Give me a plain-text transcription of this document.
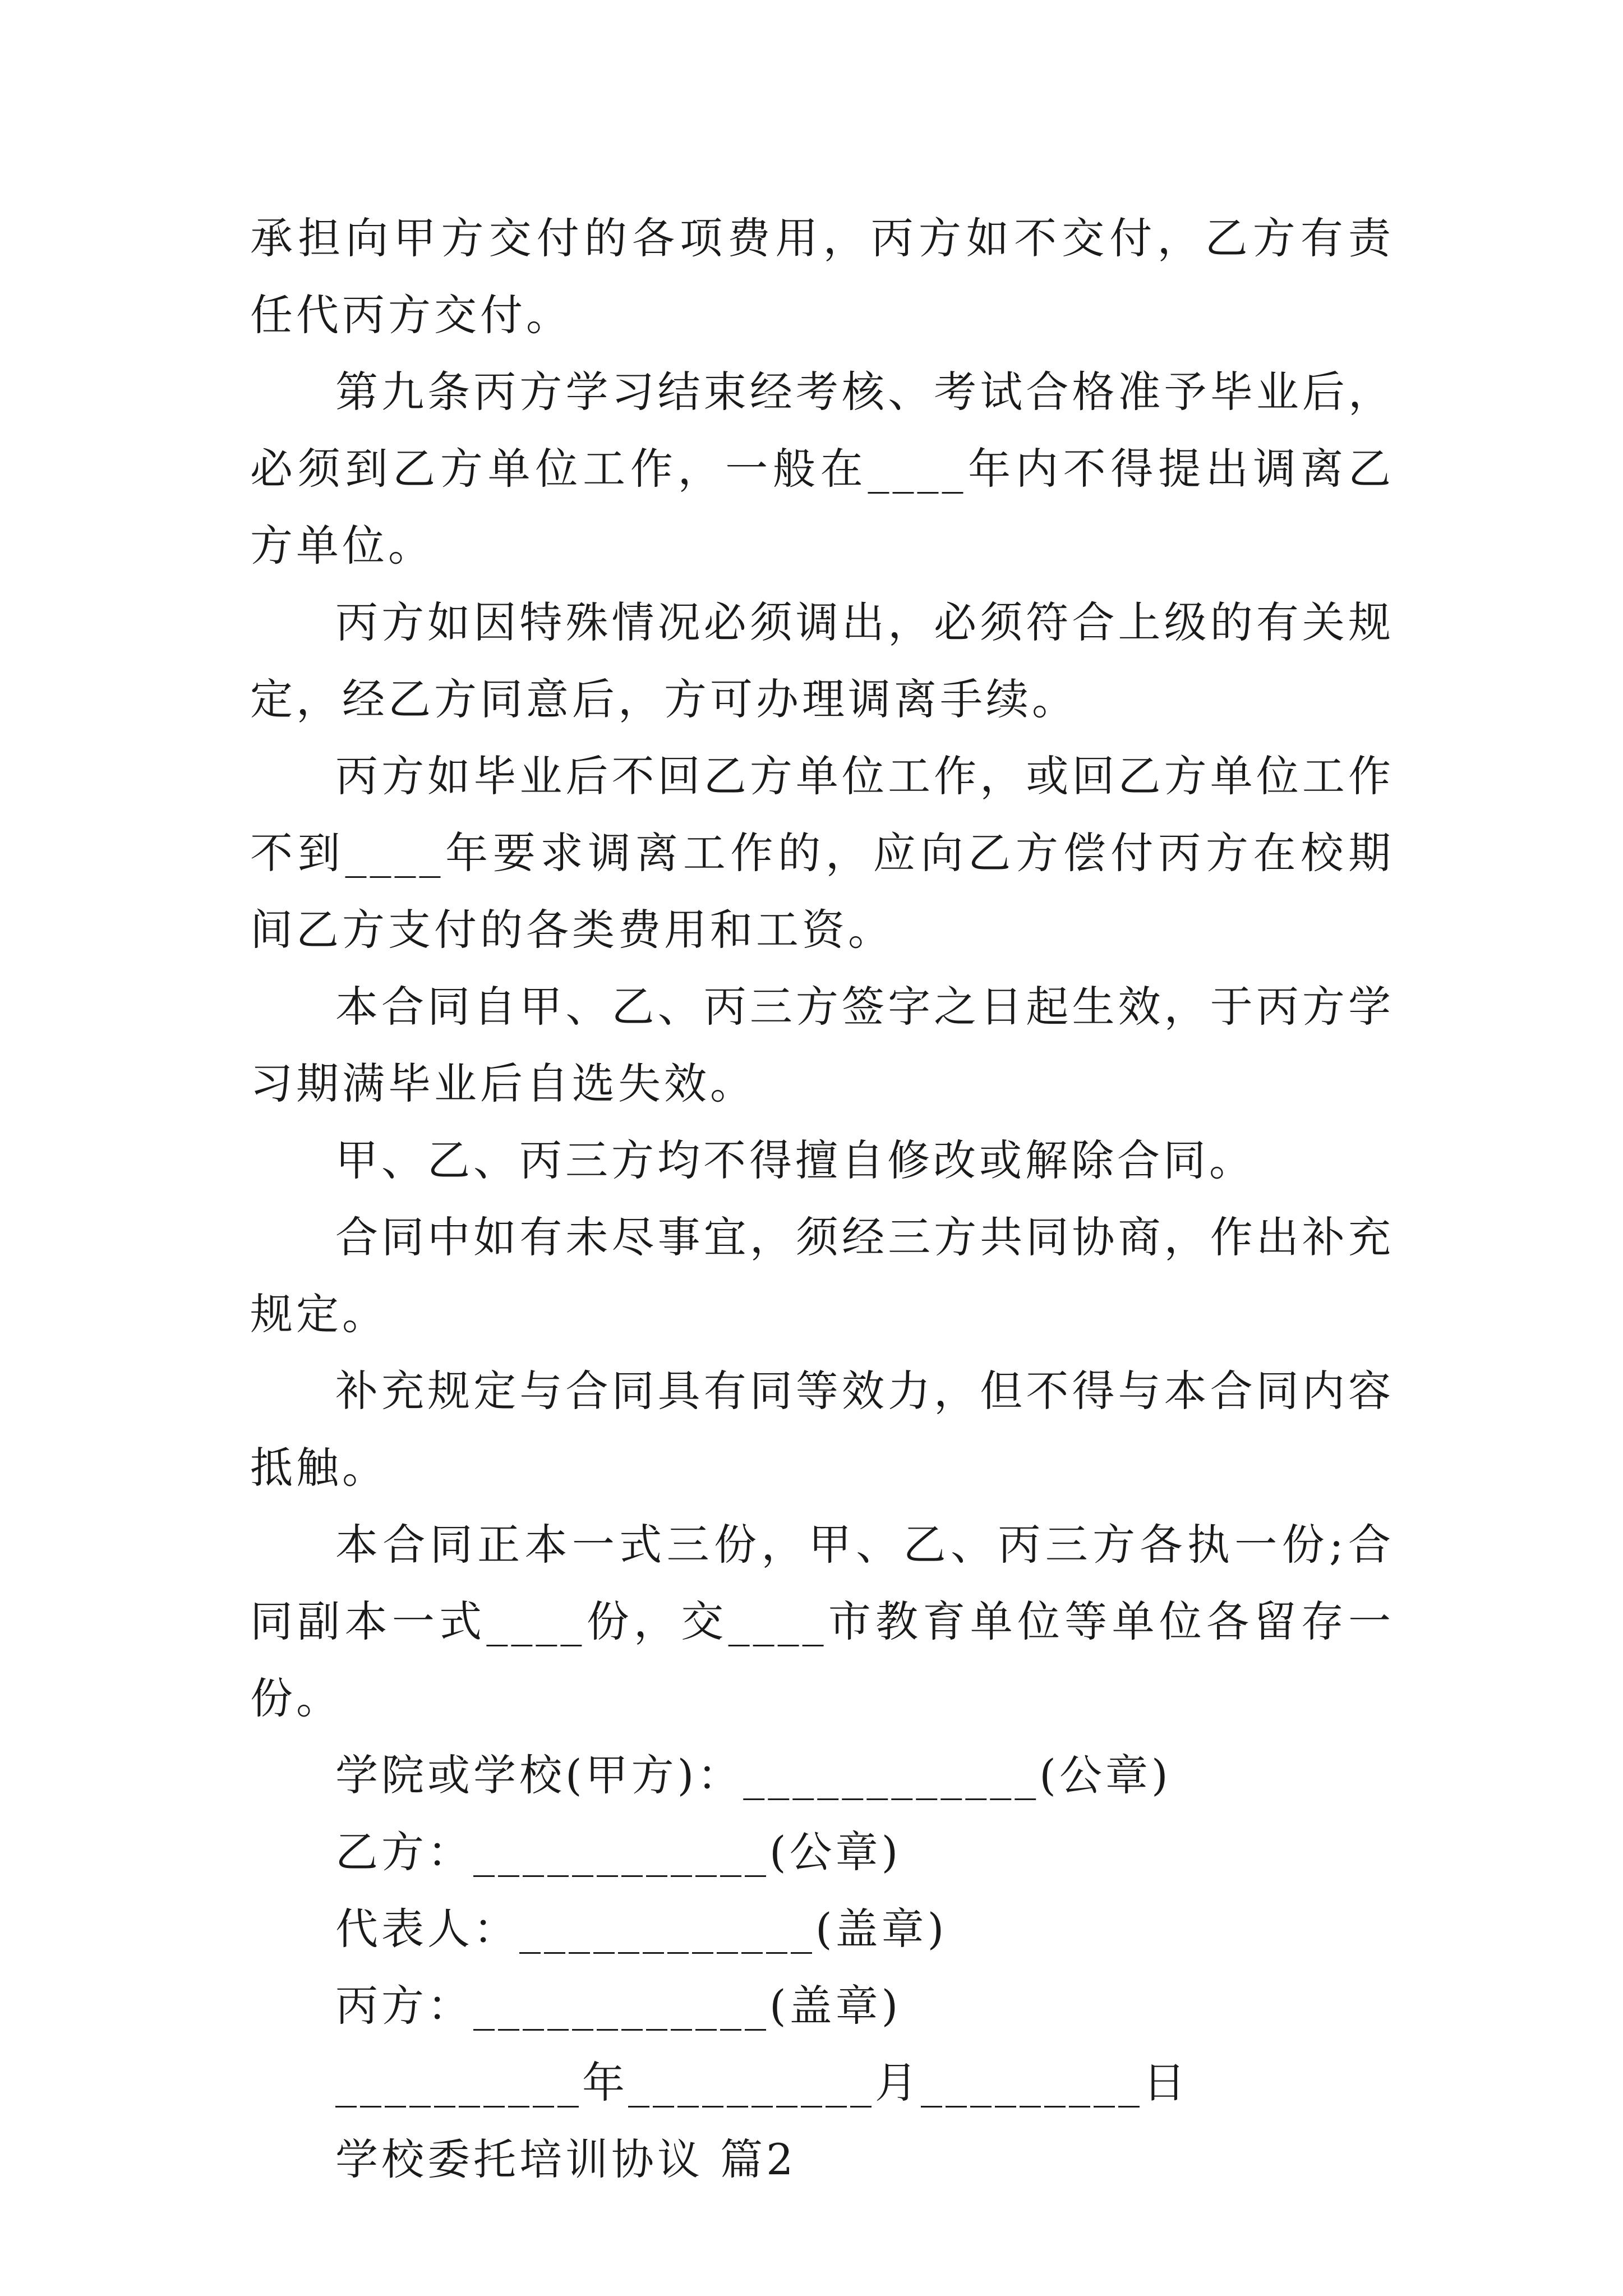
承担向甲方交付的各项费用，丙方如不交付，乙方有责任代丙方交付。

第九条丙方学习结束经考核、考试合格准予毕业后，必须到乙方单位工作，一般在____年内不得提出调离乙方单位。

丙方如因特殊情况必须调出，必须符合上级的有关规定，经乙方同意后，方可办理调离手续。

丙方如毕业后不回乙方单位工作，或回乙方单位工作不到____年要求调离工作的，应向乙方偿付丙方在校期间乙方支付的各类费用和工资。

本合同自甲、乙、丙三方签字之日起生效，于丙方学习期满毕业后自选失效。

甲、乙、丙三方均不得擅自修改或解除合同。

合同中如有未尽事宜，须经三方共同协商，作出补充规定。

补充规定与合同具有同等效力，但不得与本合同内容抵触。

本合同正本一式三份，甲、乙、丙三方各执一份;合同副本一式____份，交____市教育单位等单位各留存一份。

学院或学校(甲方)：____________(公章)

乙方：____________(公章)

代表人：____________(盖章)

丙方：____________(盖章)

__________年__________月_________日

学校委托培训协议 篇2
